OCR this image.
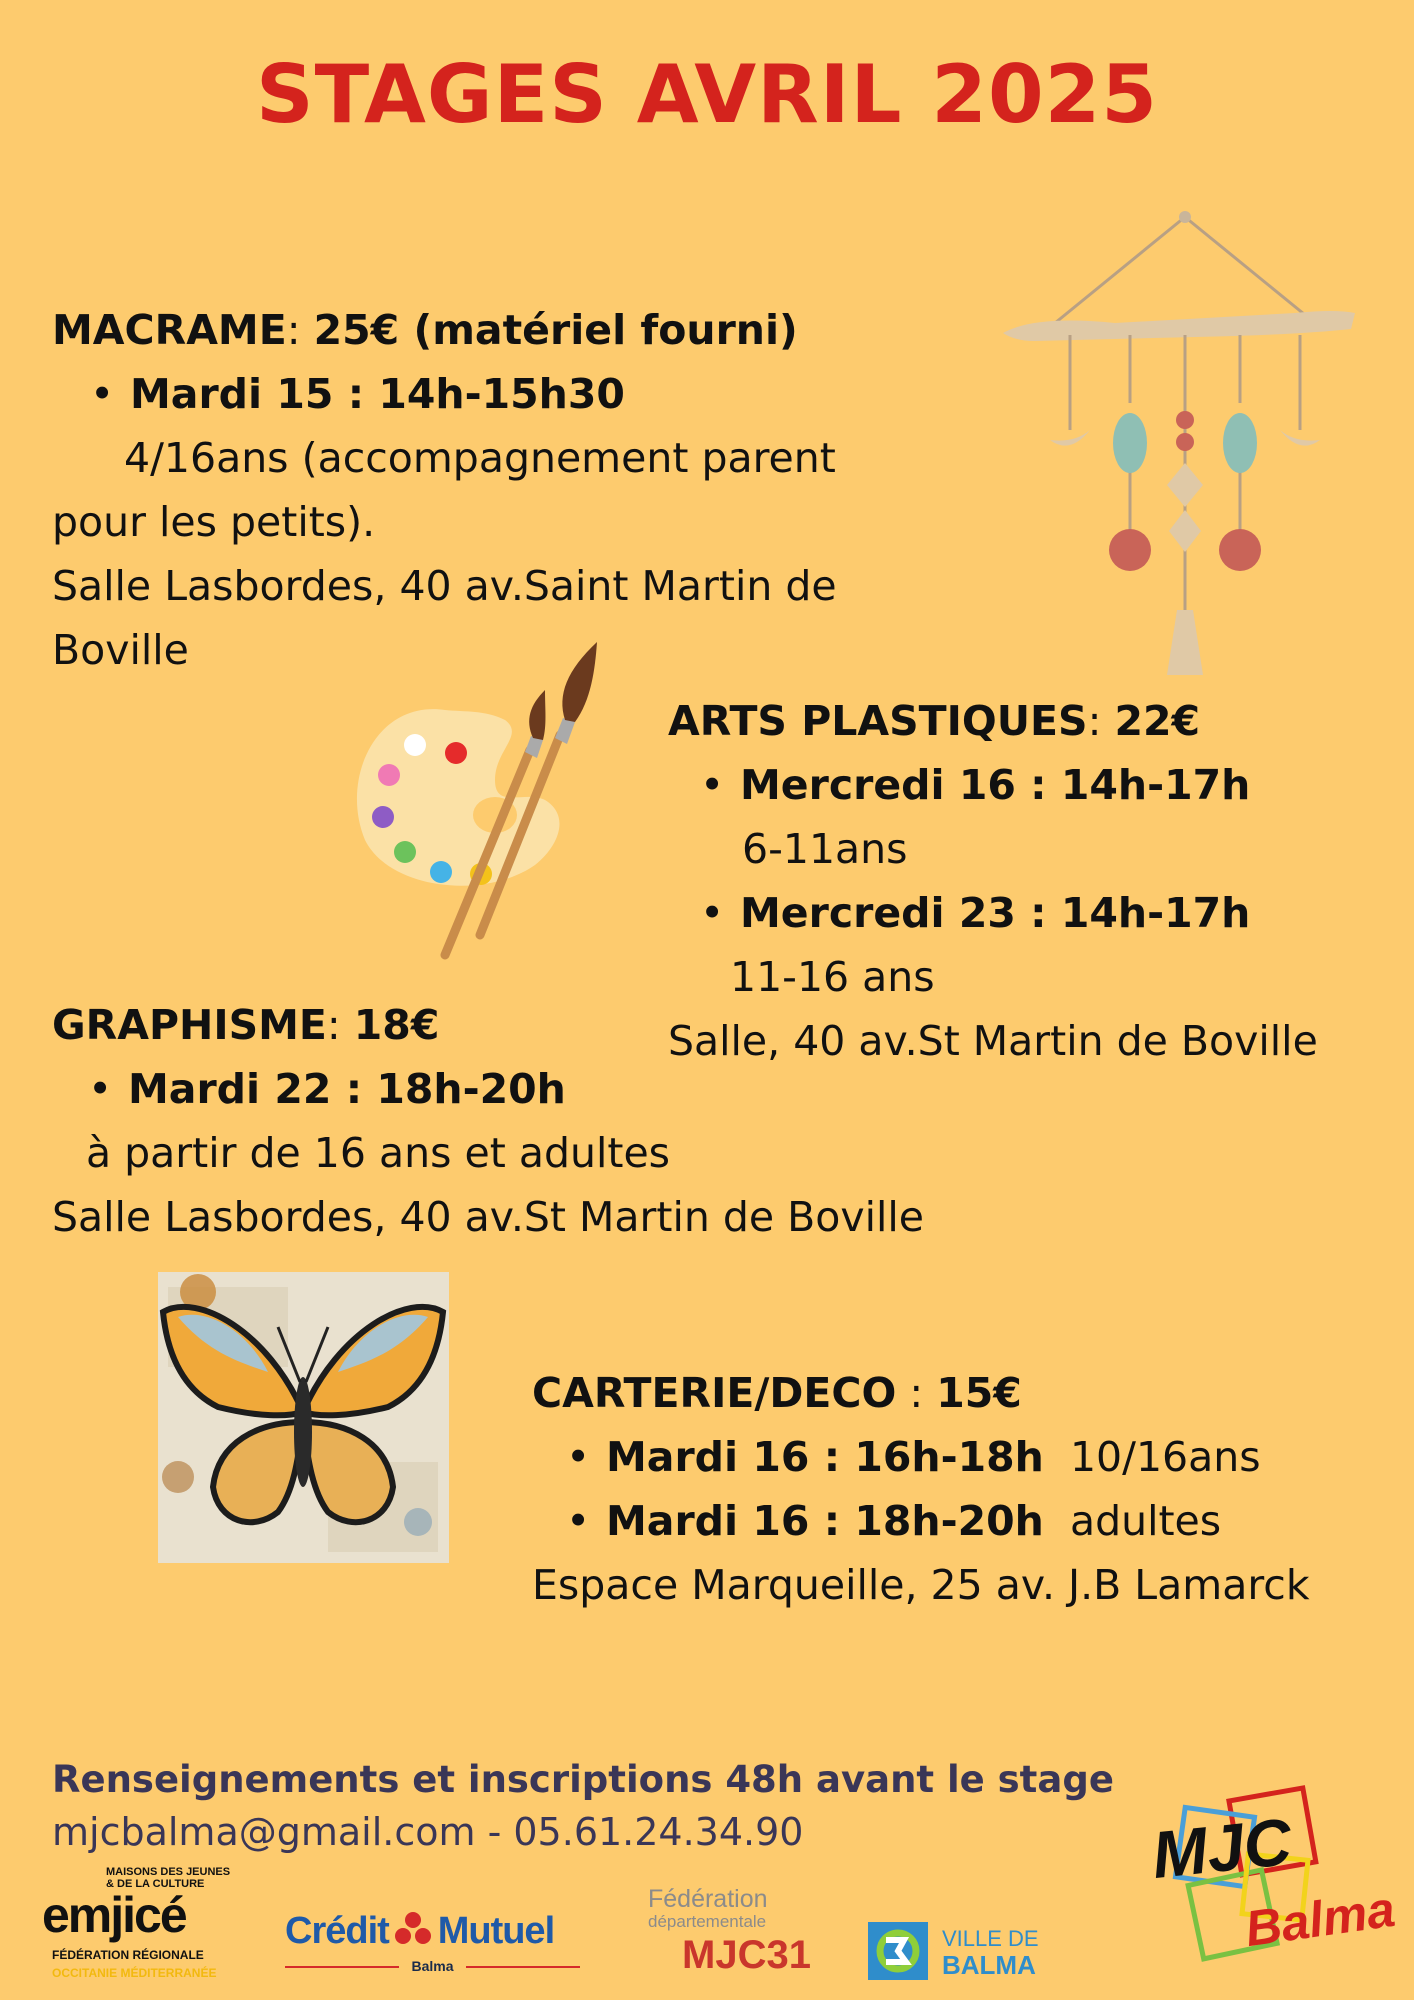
STAGES AVRIL 2025
MACRAME: 25€ (matériel fourni)
• Mardi 15 : 14h-15h30
4/16ans (accompagnement parent
pour les petits).
Salle Lasbordes, 40 av.Saint Martin de
Boville
ARTS PLASTIQUES: 22€
• Mercredi 16 : 14h-17h
6-11ans
• Mercredi 23 : 14h-17h
11-16 ans
Salle, 40 av.St Martin de Boville
GRAPHISME: 18€
• Mardi 22 : 18h-20h
à partir de 16 ans et adultes
Salle Lasbordes, 40 av.St Martin de Boville
CARTERIE/DECO : 15€
• Mardi 16 : 16h-18h 10/16ans
• Mardi 16 : 18h-20h adultes
Espace Marqueille, 25 av. J.B Lamarck
Renseignements et inscriptions 48h avant le stage
mjcbalma@gmail.com - 05.61.24.34.90
MAISONS DES JEUNES
& DE LA CULTURE
emjicé
FÉDÉRATION RÉGIONALE
OCCITANIE MÉDITERRANÉE
Crédit Mutuel
Balma
Fédération
départementale
MJC31	VILLE DE
BALMA
MJC
Balma
